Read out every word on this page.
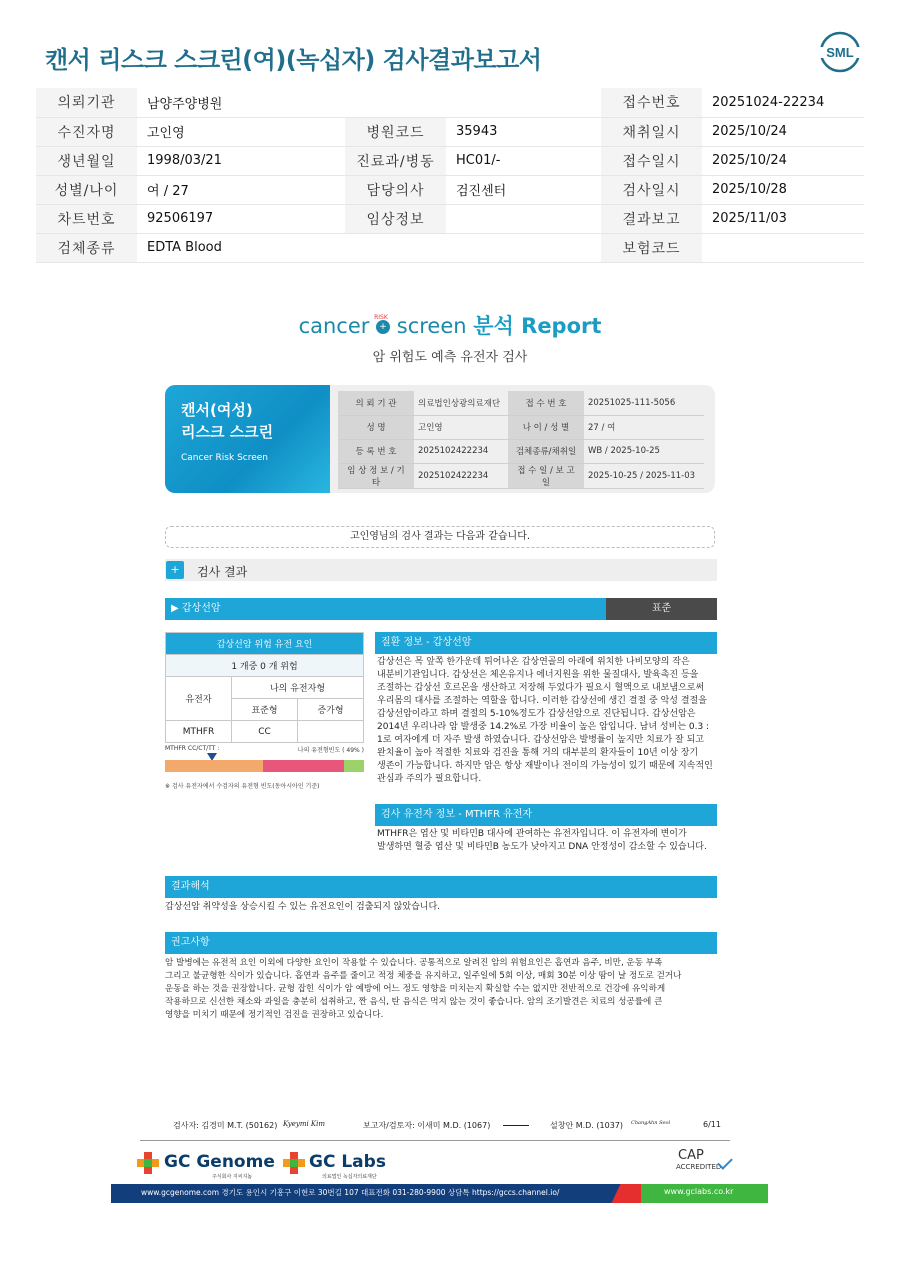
캔서 리스크 스크린(여)(녹십자) 검사결과보고서	SML
의뢰기관	남양주양병원			접수번호	20251024-22234
수진자명	고인영	병원코드	35943	채취일시	2025/10/24
생년월일	1998/03/21	진료과/병동	HC01/-	접수일시	2025/10/24
성별/나이	여 / 27	담당의사	검진센터	검사일시	2025/10/28
차트번호	92506197	임상정보		결과보고	2025/11/03
검체종류	EDTA Blood			보험코드	
cancer +
RISK screen 분석 Report
암 위험도 예측 유전자 검사
캔서(여성)
리스크 스크린
Cancer Risk Screen
의 뢰 기 관	의료법인상광의료재단	접 수 번 호	20251025-111-5056
성 명	고인영	나 이 / 성 별	27 / 여
등 록 번 호	2025102422234	검체종류/채취일	WB / 2025-10-25
임 상 정 보 / 기 타	2025102422234	접 수 일 / 보 고 일	2025-10-25 / 2025-11-03
고인영님의 검사 결과는 다음과 같습니다.
+	검사 결과
▶ 갑상선암	표준
갑상선암 위험 유전 요인		
1 개중 0 개 위험		
유전자	나의 유전자형	
	표준형	증가형
MTHFR	CC	
MTHFR CC/CT/TT :	나의 유전형빈도 ( 49% )
※ 검사 유전자에서 수검자의 유전형 빈도(동아시아인 기준)
질환 정보 - 갑상선암
갑상선은 목 앞쪽 한가운데 튀어나온 갑상연골의 아래에 위치한 나비모양의 작은
내분비기관입니다. 갑상선은 체온유지나 에너지원을 위한 물질대사, 발육촉진 등을
조절하는 갑상선 호르몬을 생산하고 저장해 두었다가 필요시 혈액으로 내보냄으로써
우리몸의 대사를 조절하는 역할을 합니다. 이러한 갑상선에 생긴 결절 중 악성 결절을
갑상선암이라고 하며 결절의 5-10%정도가 갑상선암으로 진단됩니다. 갑상선암은
2014년 우리나라 암 발생중 14.2%로 가장 비율이 높은 암입니다. 남녀 성비는 0.3 :
1로 여자에게 더 자주 발생 하였습니다. 갑상선암은 발병률이 높지만 치료가 잘 되고
완치율이 높아 적절한 치료와 검진을 통해 거의 대부분의 환자들이 10년 이상 장기
생존이 가능합니다. 하지만 암은 항상 재발이나 전이의 가능성이 있기 때문에 지속적인
관심과 주의가 필요합니다.
검사 유전자 정보 - MTHFR 유전자
MTHFR은 엽산 및 비타민B 대사에 관여하는 유전자입니다. 이 유전자에 변이가
발생하면 혈중 엽산 및 비타민B 농도가 낮아지고 DNA 안정성이 감소할 수 있습니다.
결과해석
갑상선암 취약성을 상승시킬 수 있는 유전요인이 검출되지 않았습니다.
권고사항
암 발병에는 유전적 요인 이외에 다양한 요인이 작용할 수 있습니다. 공통적으로 알려진 암의 위험요인은 흡연과 음주, 비만, 운동 부족
그리고 불균형한 식이가 있습니다. 흡연과 음주를 줄이고 적정 체중을 유지하고, 일주일에 5회 이상, 매회 30분 이상 땀이 날 정도로 걷거나
운동을 하는 것을 권장합니다. 균형 잡힌 식이가 암 예방에 어느 정도 영향을 미치는지 확실할 수는 없지만 전반적으로 건강에 유익하게
작용하므로 신선한 채소와 과일을 충분히 섭취하고, 짠 음식, 탄 음식은 먹지 않는 것이 좋습니다. 암의 조기발견은 치료의 성공률에 큰
영향을 미치기 때문에 정기적인 검진을 권장하고 있습니다.
검사자: 김경미 M.T. (50162) Kyeymi Kim	보고자/검토자: 이새미 M.D. (1067)	설창안 M.D. (1037) ChangAhn Seol	6/11
GC Genome
주식회사 지씨지놈
GC Labs
의료법인 녹십자의료재단
CAP
ACCREDITED
www.gcgenome.com 경기도 용인시 기흥구 이현로 30번길 107 대표전화 031-280-9900 상담톡 https://gccs.channel.io/	www.gclabs.co.kr
